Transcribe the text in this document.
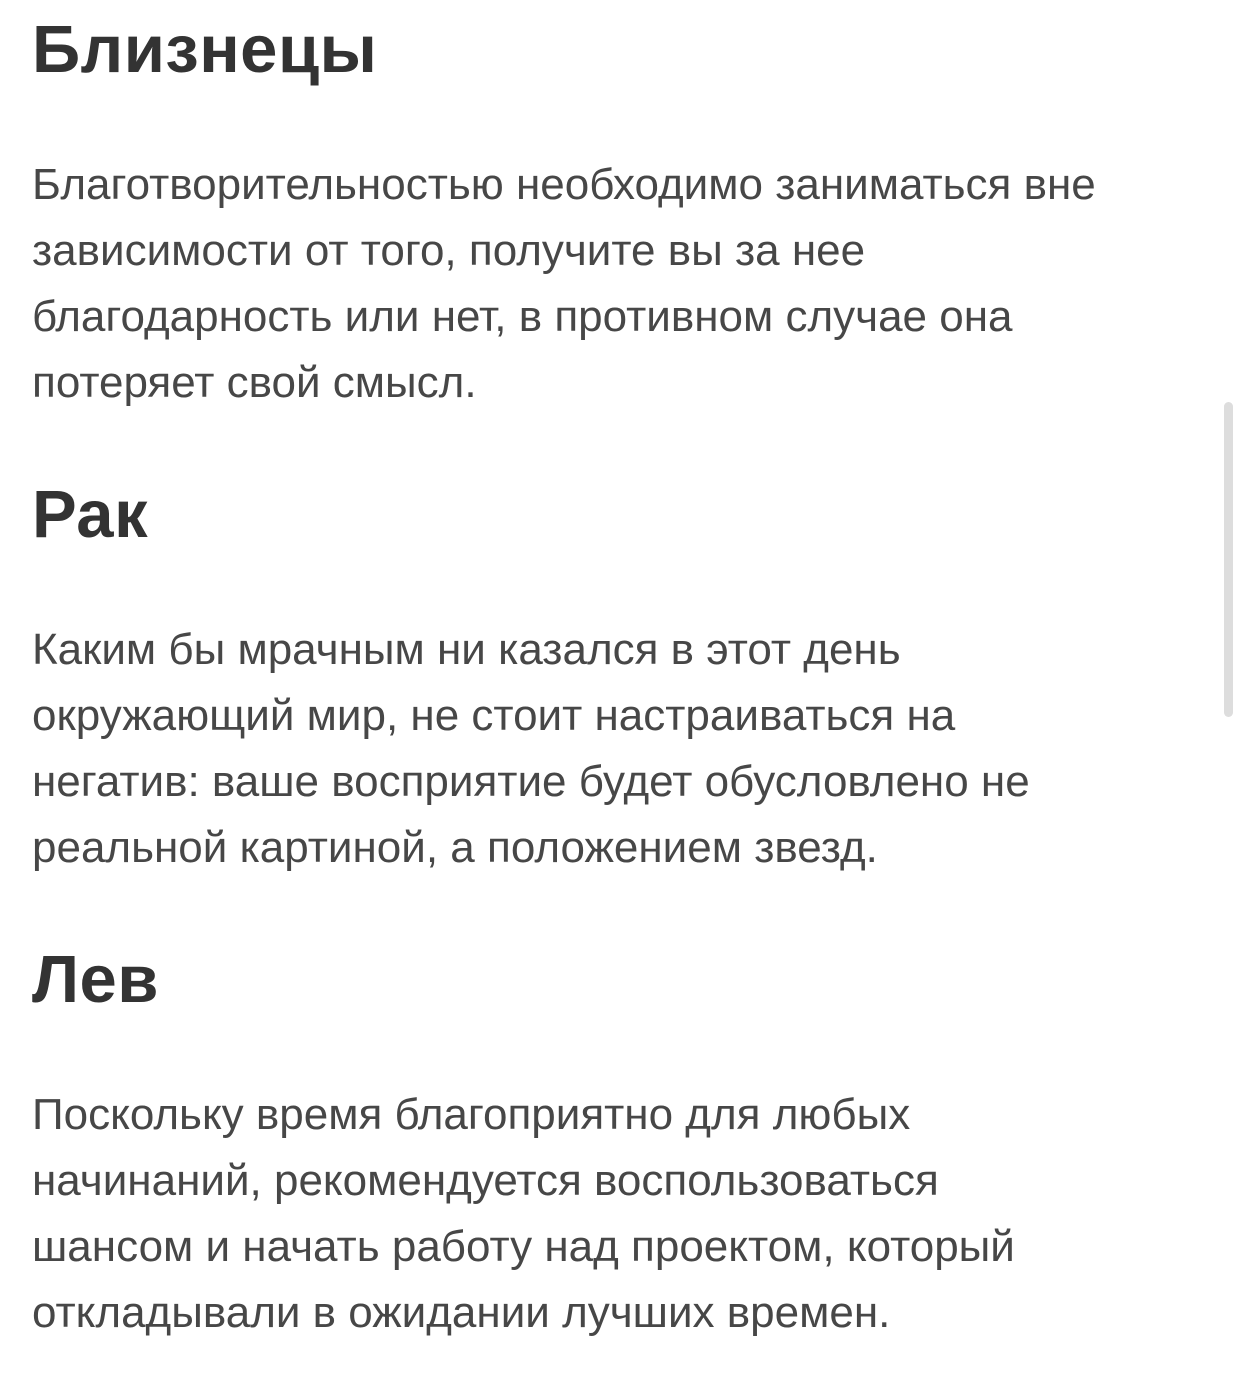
Близнецы

Благотворительностью необходимо заниматься вне
зависимости от того, получите вы за нее
благодарность или нет, в противном случае она
потеряет свой смысл.

Рак

Каким бы мрачным ни казался в этот день
окружающий мир, не стоит настраиваться на
негатив: ваше восприятие будет обусловлено не
реальной картиной, а положением звезд.

Лев

Поскольку время благоприятно для любых
начинаний, рекомендуется воспользоваться
шансом и начать работу над проектом, который
откладывали в ожидании лучших времен.
